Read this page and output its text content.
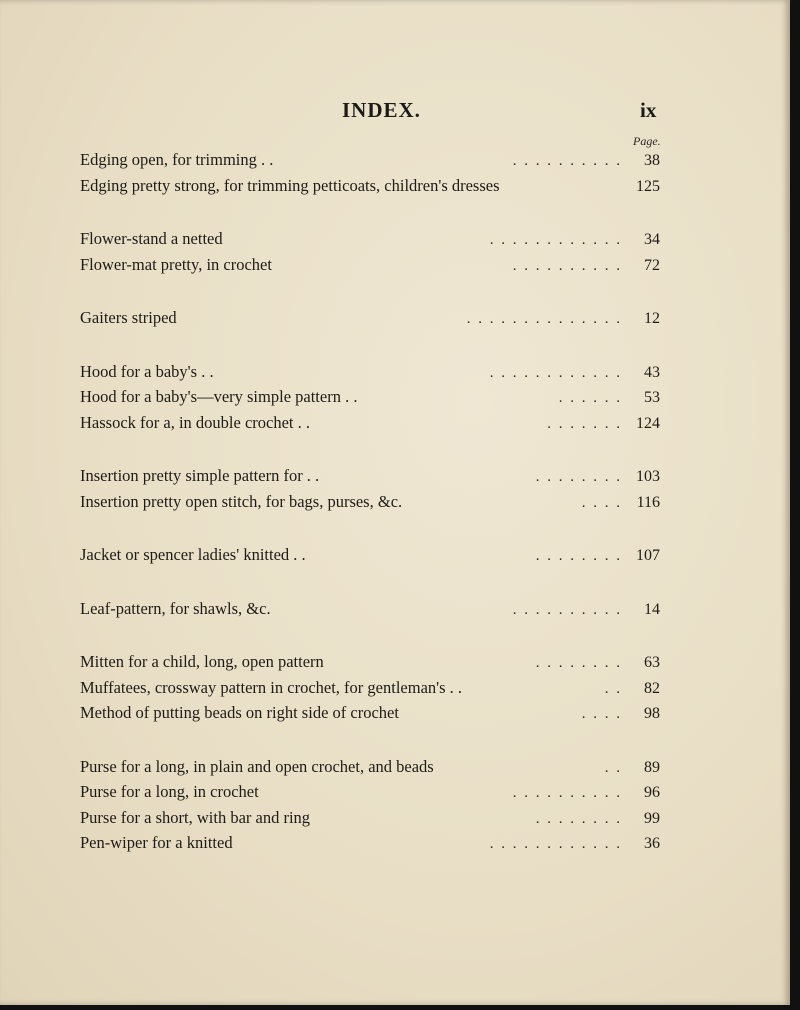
INDEX.	ix
Page.
Edging open, for trimming . .	. . . . . . . . . .	38
Edging pretty strong, for trimming petticoats, children's dresses	125
Flower-stand a netted	. . . . . . . . . . . .	34
Flower-mat pretty, in crochet	. . . . . . . . . .	72
Gaiters striped	. . . . . . . . . . . . . .	12
Hood for a baby's . .	. . . . . . . . . . . .	43
Hood for a baby's—very simple pattern . .	. . . . . .	53
Hassock for a, in double crochet . .	. . . . . . . 124
Insertion pretty simple pattern for . .	. . . . . . . . 103
Insertion pretty open stitch, for bags, purses, &c.	. . . . 116
Jacket or spencer ladies' knitted . .	. . . . . . . . 107
Leaf-pattern, for shawls, &c.	. . . . . . . . . .	14
Mitten for a child, long, open pattern	. . . . . . . .	63
Muffatees, crossway pattern in crochet, for gentleman's . .	. .	82
Method of putting beads on right side of crochet	. . . .	98
Purse for a long, in plain and open crochet, and beads	. .	89
Purse for a long, in crochet	. . . . . . . . . .	96
Purse for a short, with bar and ring	. . . . . . . .	99
Pen-wiper for a knitted	. . . . . . . . . . . .	36
